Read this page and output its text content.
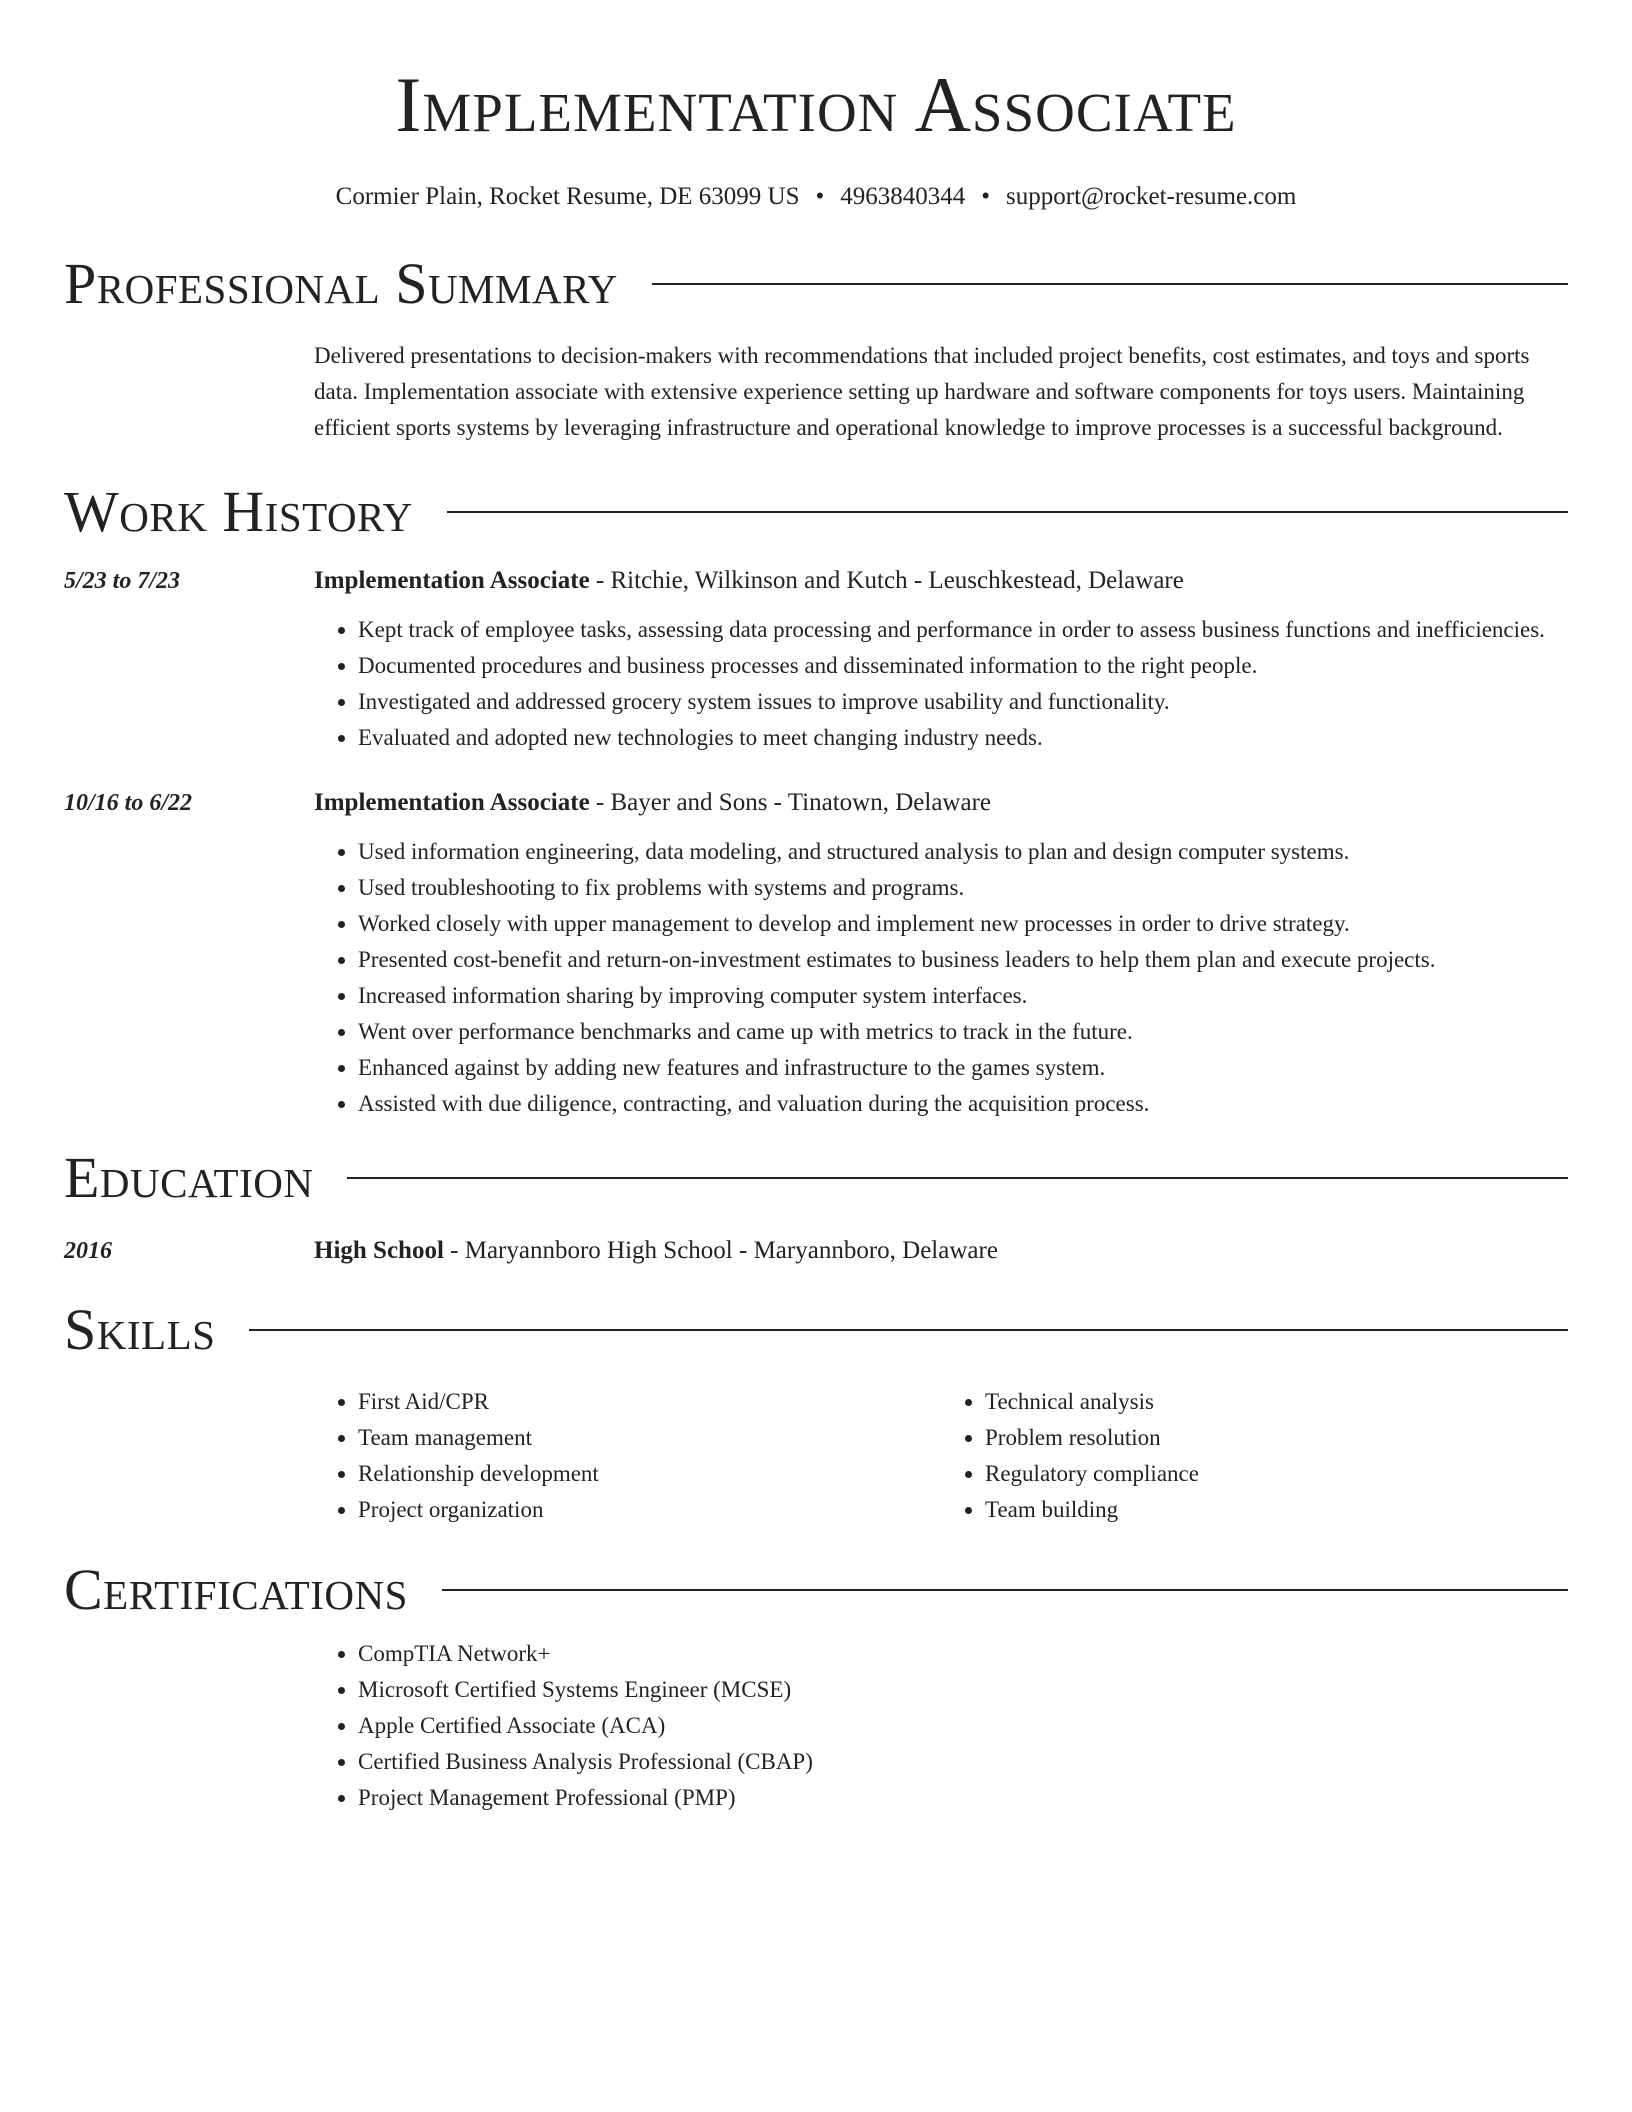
Implementation Associate
Cormier Plain, Rocket Resume, DE 63099 US • 4963840344 • support@rocket-resume.com
Professional Summary
Delivered presentations to decision-makers with recommendations that included project benefits, cost estimates, and toys and sports data. Implementation associate with extensive experience setting up hardware and software components for toys users. Maintaining efficient sports systems by leveraging infrastructure and operational knowledge to improve processes is a successful background.
Work History
5/23 to 7/23	Implementation Associate - Ritchie, Wilkinson and Kutch - Leuschkestead, Delaware
• Kept track of employee tasks, assessing data processing and performance in order to assess business functions and inefficiencies.
• Documented procedures and business processes and disseminated information to the right people.
• Investigated and addressed grocery system issues to improve usability and functionality.
• Evaluated and adopted new technologies to meet changing industry needs.
10/16 to 6/22	Implementation Associate - Bayer and Sons - Tinatown, Delaware
• Used information engineering, data modeling, and structured analysis to plan and design computer systems.
• Used troubleshooting to fix problems with systems and programs.
• Worked closely with upper management to develop and implement new processes in order to drive strategy.
• Presented cost-benefit and return-on-investment estimates to business leaders to help them plan and execute projects.
• Increased information sharing by improving computer system interfaces.
• Went over performance benchmarks and came up with metrics to track in the future.
• Enhanced against by adding new features and infrastructure to the games system.
• Assisted with due diligence, contracting, and valuation during the acquisition process.
Education
2016	High School - Maryannboro High School - Maryannboro, Delaware
Skills
• First Aid/CPR
• Team management
• Relationship development
• Project organization
• Technical analysis
• Problem resolution
• Regulatory compliance
• Team building
Certifications
• CompTIA Network+
• Microsoft Certified Systems Engineer (MCSE)
• Apple Certified Associate (ACA)
• Certified Business Analysis Professional (CBAP)
• Project Management Professional (PMP)
